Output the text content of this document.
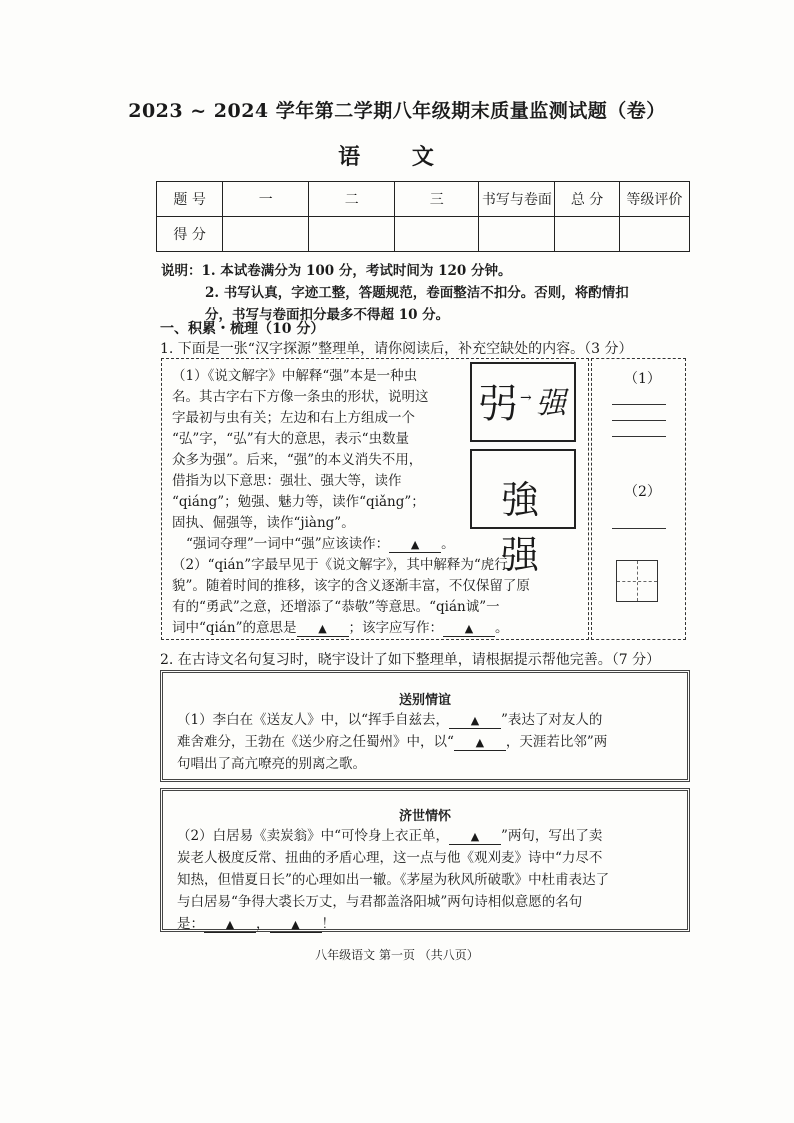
2023 ~ 2024 学年第二学期八年级期末质量监测试题（卷）
语 文
题 号	一	二	三	书写与卷面	总 分	等级评价
得 分						
说明：1. 本试卷满分为 100 分，考试时间为 120 分钟。
2. 书写认真，字迹工整，答题规范，卷面整洁不扣分。否则，将酌情扣
分，书写与卷面扣分最多不得超 10 分。
一、积累・梳理（10 分）
1. 下面是一张“汉字探源”整理单，请你阅读后，补充空缺处的内容。（3 分）
弜 → 强
強 强

（1）《说文解字》中解释“强”本是一种虫

名。其古字右下方像一条虫的形状，说明这

字最初与虫有关；左边和右上方组成一个

“弘”字，“弘”有大的意思，表示“虫数量

众多为强”。后来，“强”的本义消失不用，

借指为以下意思：强壮、强大等，读作

“qiáng”；勉强、魅力等，读作“qiǎng”；

固执、倔强等，读作“jiàng”。

“强词夺理”一词中“强”应该读作： ▲ 。

（2）“qián”字最早见于《说文解字》，其中解释为“虎行

貌”。随着时间的推移，该字的含义逐渐丰富，不仅保留了原

有的“勇武”之意，还增添了“恭敬”等意思。“qián诚”一

词中“qián”的意思是 ▲ ；该字应写作： ▲ 。

（1）
（2）
2. 在古诗文名句复习时，晓宇设计了如下整理单，请根据提示帮他完善。（7 分）
送别情谊

（1）李白在《送友人》中，以“挥手自兹去， ▲ ”表达了对友人的

难舍难分，王勃在《送少府之任蜀州》中，以“ ▲ ，天涯若比邻”两

句唱出了高亢嘹亮的别离之歌。

济世情怀

（2）白居易《卖炭翁》中“可怜身上衣正单， ▲ ”两句，写出了卖

炭老人极度反常、扭曲的矛盾心理，这一点与他《观刈麦》诗中“力尽不

知热，但惜夏日长”的心理如出一辙。《茅屋为秋风所破歌》中杜甫表达了

与白居易“争得大裘长万丈，与君都盖洛阳城”两句诗相似意愿的名句

是： ▲ ， ▲ ！

八年级语文 第一页 （共八页）
